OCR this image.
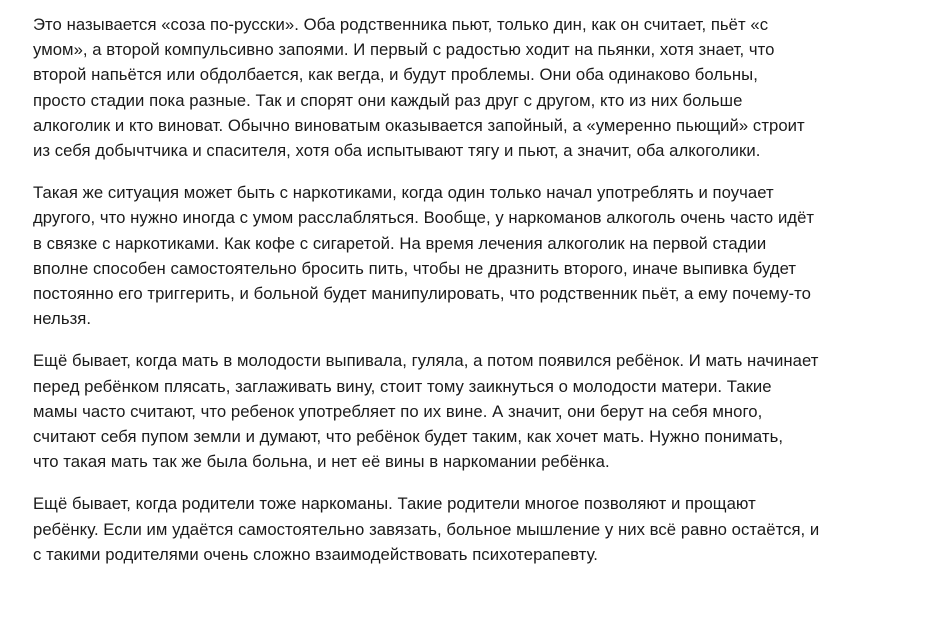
Это называется «соза по-русски». Оба родственника пьют, только дин, как он считает, пьёт «с
умом», а второй компульсивно запоями. И первый с радостью ходит на пьянки, хотя знает, что
второй напьётся или обдолбается, как вегда, и будут проблемы. Они оба одинаково больны,
просто стадии пока разные. Так и спорят они каждый раз друг с другом, кто из них больше
алкоголик и кто виноват. Обычно виноватым оказывается запойный, а «умеренно пьющий» строит
из себя добычтчика и спасителя, хотя оба испытывают тягу и пьют, а значит, оба алкоголики.

Такая же ситуация может быть с наркотиками, когда один только начал употреблять и поучает
другого, что нужно иногда с умом расслабляться. Вообще, у наркоманов алкоголь очень часто идёт
в связке с наркотиками. Как кофе с сигаретой. На время лечения алкоголик на первой стадии
вполне способен самостоятельно бросить пить, чтобы не дразнить второго, иначе выпивка будет
постоянно его триггерить, и больной будет манипулировать, что родственник пьёт, а ему почему-то
нельзя.

Ещё бывает, когда мать в молодости выпивала, гуляла, а потом появился ребёнок. И мать начинает
перед ребёнком плясать, заглаживать вину, стоит тому заикнуться о молодости матери. Такие
мамы часто считают, что ребенок употребляет по их вине. А значит, они берут на себя много,
считают себя пупом земли и думают, что ребёнок будет таким, как хочет мать. Нужно понимать,
что такая мать так же была больна, и нет её вины в наркомании ребёнка.

Ещё бывает, когда родители тоже наркоманы. Такие родители многое позволяют и прощают
ребёнку. Если им удаётся самостоятельно завязать, больное мышление у них всё равно остаётся, и
с такими родителями очень сложно взаимодействовать психотерапевту.
